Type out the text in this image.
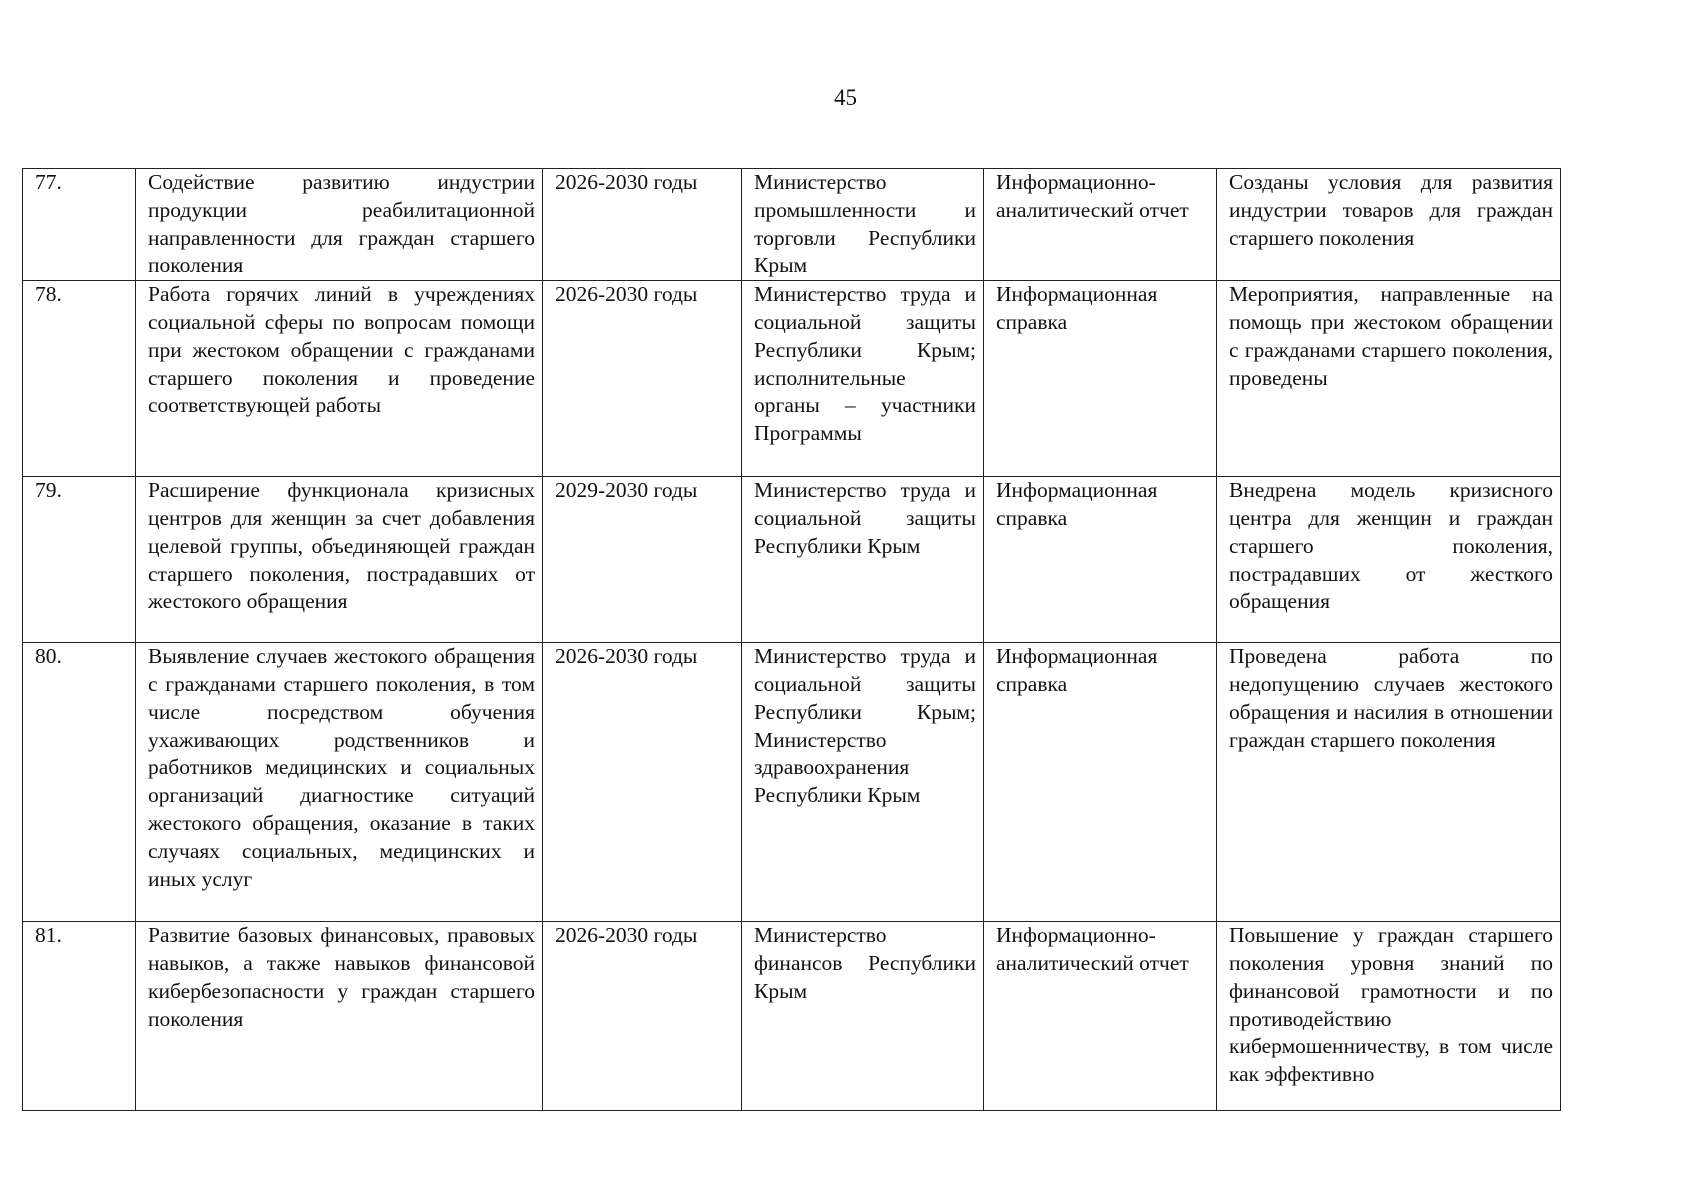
45
77.	Содействие развитию индустрии продукции реабилитационной направленности для граждан старшего поколения	2026-2030 годы	Министерство промышленности и торговли Республики Крым	Информационно-аналитический отчет	Созданы условия для развития индустрии товаров для граждан старшего поколения
78.	Работа горячих линий в учреждениях социальной сферы по вопросам помощи при жестоком обращении с гражданами старшего поколения и проведение соответствующей работы	2026-2030 годы	Министерство труда и социальной защиты Республики Крым; исполнительные органы – участники Программы	Информационная справка	Мероприятия, направленные на помощь при жестоком обращении с гражданами старшего поколения, проведены
79.	Расширение функционала кризисных центров для женщин за счет добавления целевой группы, объединяющей граждан старшего поколения, пострадавших от жестокого обращения	2029-2030 годы	Министерство труда и социальной защиты Республики Крым	Информационная справка	Внедрена модель кризисного центра для женщин и граждан старшего поколения, пострадавших от жесткого обращения
80.	Выявление случаев жестокого обращения с гражданами старшего поколения, в том числе посредством обучения ухаживающих родственников и работников медицинских и социальных организаций диагностике ситуаций жестокого обращения, оказание в таких случаях социальных, медицинских и иных услуг	2026-2030 годы	Министерство труда и социальной защиты Республики Крым; Министерство здравоохранения Республики Крым	Информационная справка	Проведена работа по недопущению случаев жестокого обращения и насилия в отношении граждан старшего поколения
81.	Развитие базовых финансовых, правовых навыков, а также навыков финансовой кибербезопасности у граждан старшего поколения	2026-2030 годы	Министерство финансов Республики Крым	Информационно-аналитический отчет	Повышение у граждан старшего поколения уровня знаний по финансовой грамотности и по противодействию кибермошенничеству, в том числе как эффективно
